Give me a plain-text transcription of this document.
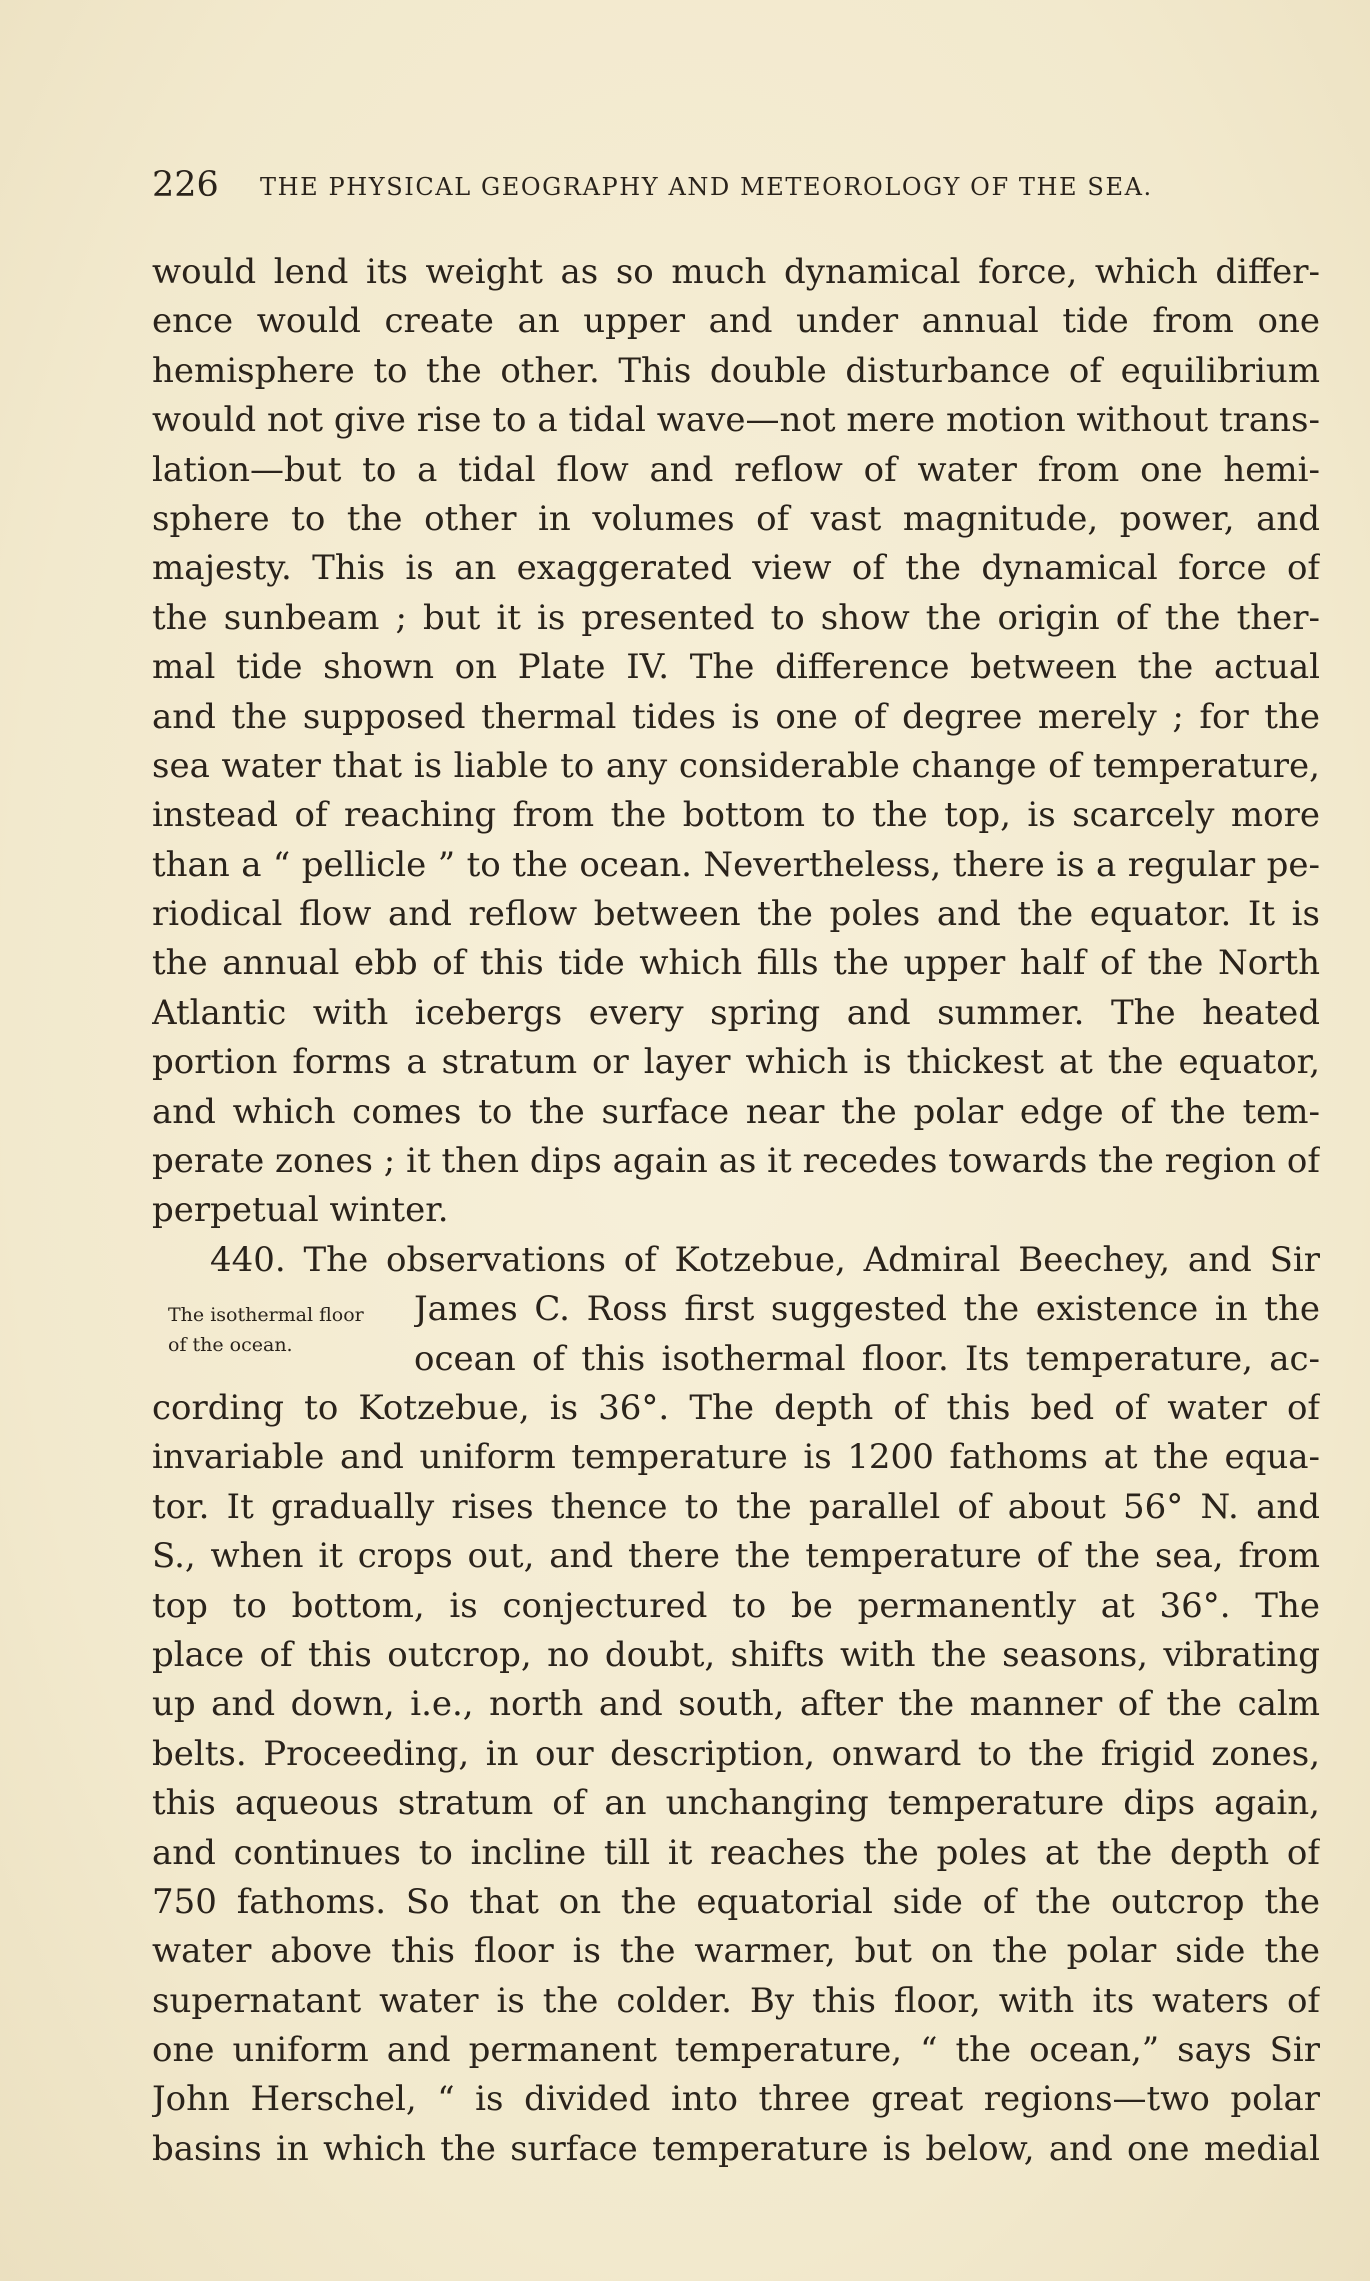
226 THE PHYSICAL GEOGRAPHY AND METEOROLOGY OF THE SEA.
The isothermal floor
of the ocean.
would lend its weight as so much dynamical force, which differ-
ence would create an upper and under annual tide from one
hemisphere to the other. This double disturbance of equilibrium
would not give rise to a tidal wave—not mere motion without trans-
lation—but to a tidal flow and reflow of water from one hemi-
sphere to the other in volumes of vast magnitude, power, and
majesty. This is an exaggerated view of the dynamical force of
the sunbeam ; but it is presented to show the origin of the ther-
mal tide shown on Plate IV. The difference between the actual
and the supposed thermal tides is one of degree merely ; for the
sea water that is liable to any considerable change of temperature,
instead of reaching from the bottom to the top, is scarcely more
than a “ pellicle ” to the ocean. Nevertheless, there is a regular pe-
riodical flow and reflow between the poles and the equator. It is
the annual ebb of this tide which fills the upper half of the North
Atlantic with icebergs every spring and summer. The heated
portion forms a stratum or layer which is thickest at the equator,
and which comes to the surface near the polar edge of the tem-
perate zones ; it then dips again as it recedes towards the region of
perpetual winter.
440. The observations of Kotzebue, Admiral Beechey, and Sir
James C. Ross first suggested the existence in the
ocean of this isothermal floor. Its temperature, ac-
cording to Kotzebue, is 36°. The depth of this bed of water of
invariable and uniform temperature is 1200 fathoms at the equa-
tor. It gradually rises thence to the parallel of about 56° N. and
S., when it crops out, and there the temperature of the sea, from
top to bottom, is conjectured to be permanently at 36°. The
place of this outcrop, no doubt, shifts with the seasons, vibrating
up and down, i.e., north and south, after the manner of the calm
belts. Proceeding, in our description, onward to the frigid zones,
this aqueous stratum of an unchanging temperature dips again,
and continues to incline till it reaches the poles at the depth of
750 fathoms. So that on the equatorial side of the outcrop the
water above this floor is the warmer, but on the polar side the
supernatant water is the colder. By this floor, with its waters of
one uniform and permanent temperature, “ the ocean,” says Sir
John Herschel, “ is divided into three great regions—two polar
basins in which the surface temperature is below, and one medial
